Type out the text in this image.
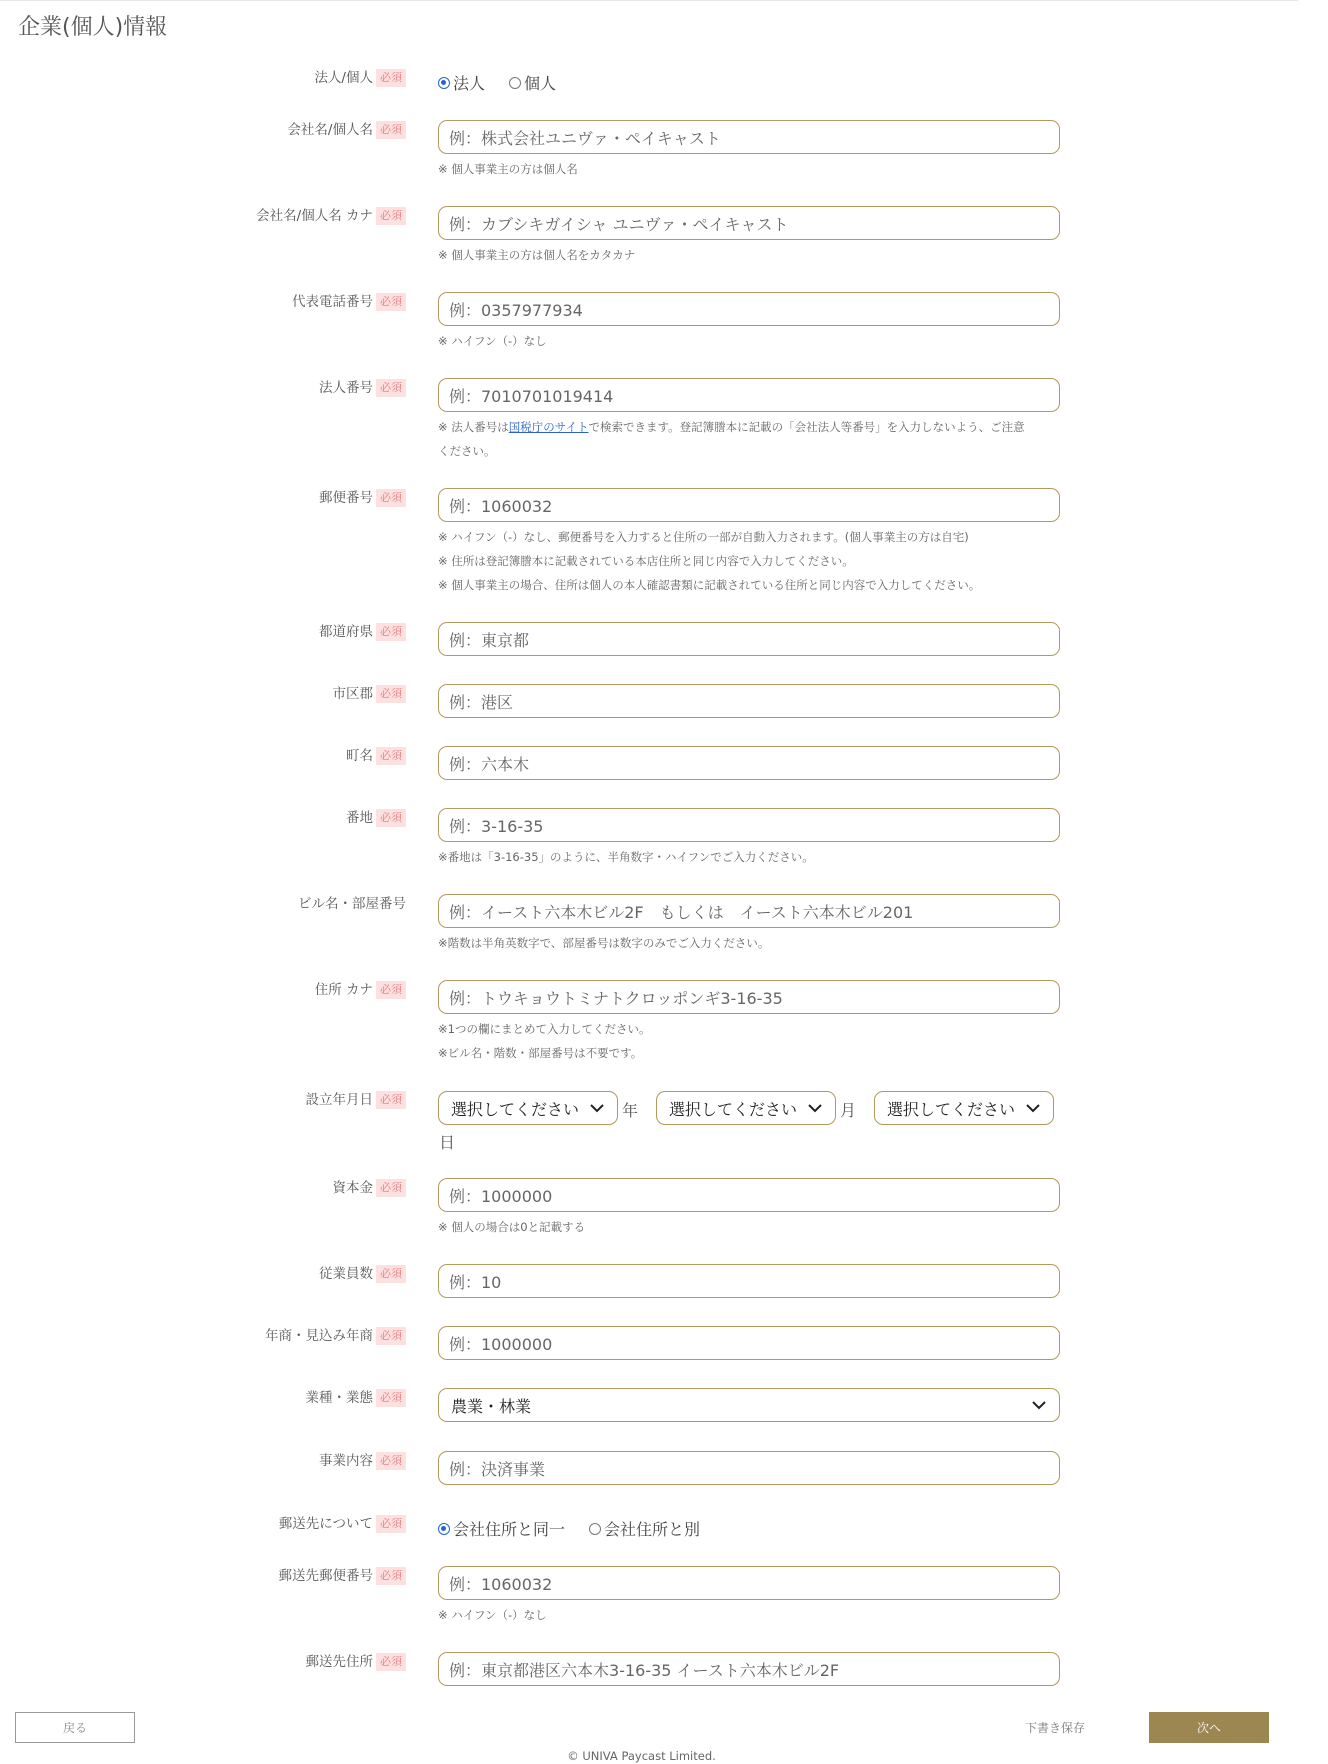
企業(個人)情報
法人/個人 必須	法人 個人
会社名/個人名 必須	例：株式会社ユニヴァ・ペイキャスト
※ 個人事業主の方は個人名
会社名/個人名 カナ 必須	例：カブシキガイシャ ユニヴァ・ペイキャスト
※ 個人事業主の方は個人名をカタカナ
代表電話番号 必須	例：0357977934
※ ハイフン（-）なし
法人番号 必須	例：7010701019414
※ 法人番号は国税庁のサイトで検索できます。登記簿謄本に記載の「会社法人等番号」を入力しないよう、ご注意
ください。
郵便番号 必須	例：1060032
※ ハイフン（-）なし、郵便番号を入力すると住所の一部が自動入力されます。(個人事業主の方は自宅)
※ 住所は登記簿謄本に記載されている本店住所と同じ内容で入力してください。
※ 個人事業主の場合、住所は個人の本人確認書類に記載されている住所と同じ内容で入力してください。
都道府県 必須	例：東京都
市区郡 必須	例：港区
町名 必須	例：六本木
番地 必須	例：3-16-35
※番地は「3-16-35」のように、半角数字・ハイフンでご入力ください。
ビル名・部屋番号	例：イースト六本木ビル2F　もしくは　イースト六本木ビル201
※階数は半角英数字で、部屋番号は数字のみでご入力ください。
住所 カナ 必須	例：トウキョウトミナトクロッポンギ3-16-35
※1つの欄にまとめて入力してください。
※ビル名・階数・部屋番号は不要です。
設立年月日 必須	選択してください	年 選択してください	月 選択してください
日
資本金 必須	例：1000000
※ 個人の場合は0と記載する
従業員数 必須	例：10
年商・見込み年商 必須	例：1000000
業種・業態 必須	農業・林業
事業内容 必須	例：決済事業
郵送先について 必須	会社住所と同一 会社住所と別
郵送先郵便番号 必須	例：1060032
※ ハイフン（-）なし
郵送先住所 必須	例：東京都港区六本木3-16-35 イースト六本木ビル2F
戻る	下書き保存	次へ
© UNIVA Paycast Limited.
